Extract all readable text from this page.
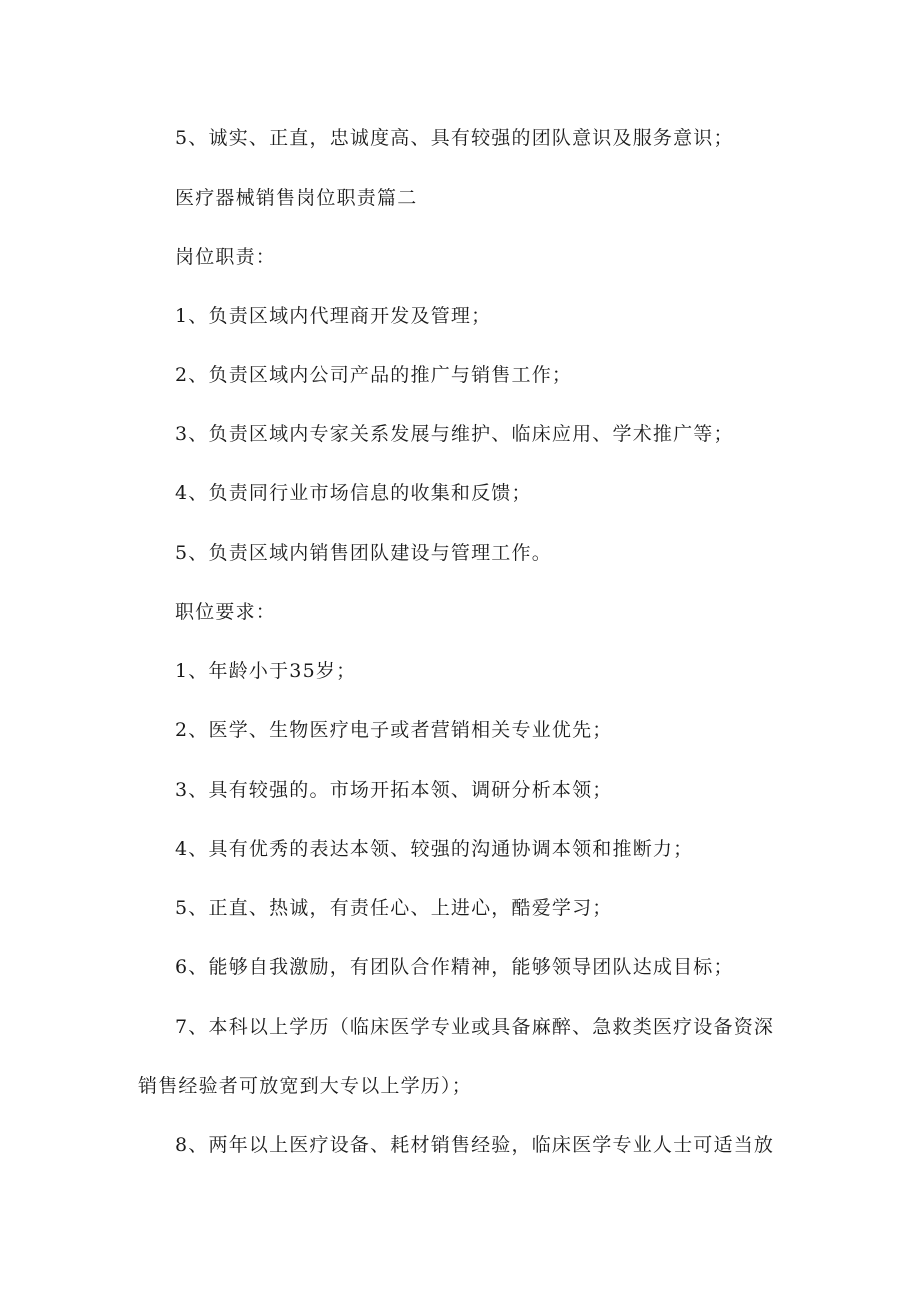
5、诚实、正直，忠诚度高、具有较强的团队意识及服务意识；
医疗器械销售岗位职责篇二
岗位职责：
1、负责区域内代理商开发及管理；
2、负责区域内公司产品的推广与销售工作；
3、负责区域内专家关系发展与维护、临床应用、学术推广等；
4、负责同行业市场信息的收集和反馈；
5、负责区域内销售团队建设与管理工作。
职位要求：
1、年龄小于35岁；
2、医学、生物医疗电子或者营销相关专业优先；
3、具有较强的。市场开拓本领、调研分析本领；
4、具有优秀的表达本领、较强的沟通协调本领和推断力；
5、正直、热诚，有责任心、上进心，酷爱学习；
6、能够自我激励，有团队合作精神，能够领导团队达成目标；
7、本科以上学历（临床医学专业或具备麻醉、急救类医疗设备资深
销售经验者可放宽到大专以上学历）；
8、两年以上医疗设备、耗材销售经验，临床医学专业人士可适当放
